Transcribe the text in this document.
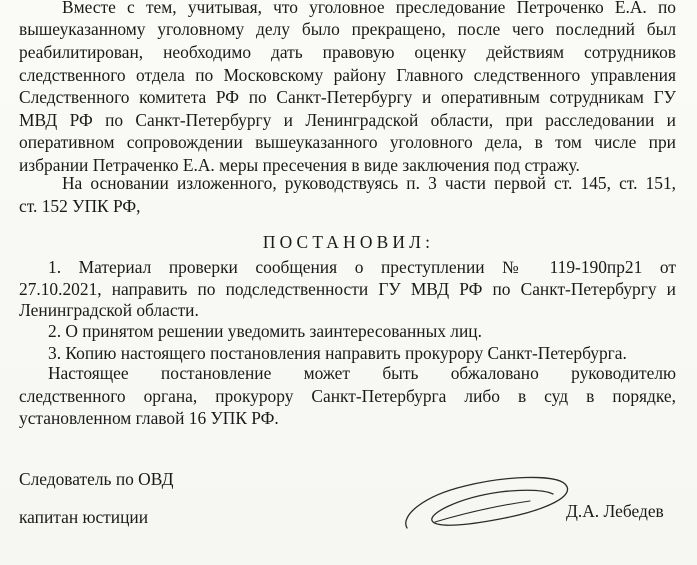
Вместе с тем, учитывая, что уголовное преследование Петроченко Е.А. по
вышеуказанному уголовному делу было прекращено, после чего последний был
реабилитирован, необходимо дать правовую оценку действиям сотрудников
следственного отдела по Московскому району Главного следственного управления
Следственного комитета РФ по Санкт-Петербургу и оперативным сотрудникам ГУ
МВД РФ по Санкт-Петербургу и Ленинградской области, при расследовании и
оперативном сопровождении вышеуказанного уголовного дела, в том числе при
избрании Петраченко Е.А. меры пресечения в виде заключения под стражу.
На основании изложенного, руководствуясь п. 3 части первой ст. 145, ст. 151,
ст. 152 УПК РФ,
ПОСТАНОВИЛ:
1. Материал проверки сообщения о преступлении № 119-190пр21 от
27.10.2021, направить по подследственности ГУ МВД РФ по Санкт-Петербургу и
Ленинградской области.
2. О принятом решении уведомить заинтересованных лиц.
3. Копию настоящего постановления направить прокурору Санкт-Петербурга.
Настоящее постановление может быть обжаловано руководителю
следственного органа, прокурору Санкт-Петербурга либо в суд в порядке,
установленном главой 16 УПК РФ.
Следователь по ОВД
капитан юстиции	Д.А. Лебедев
